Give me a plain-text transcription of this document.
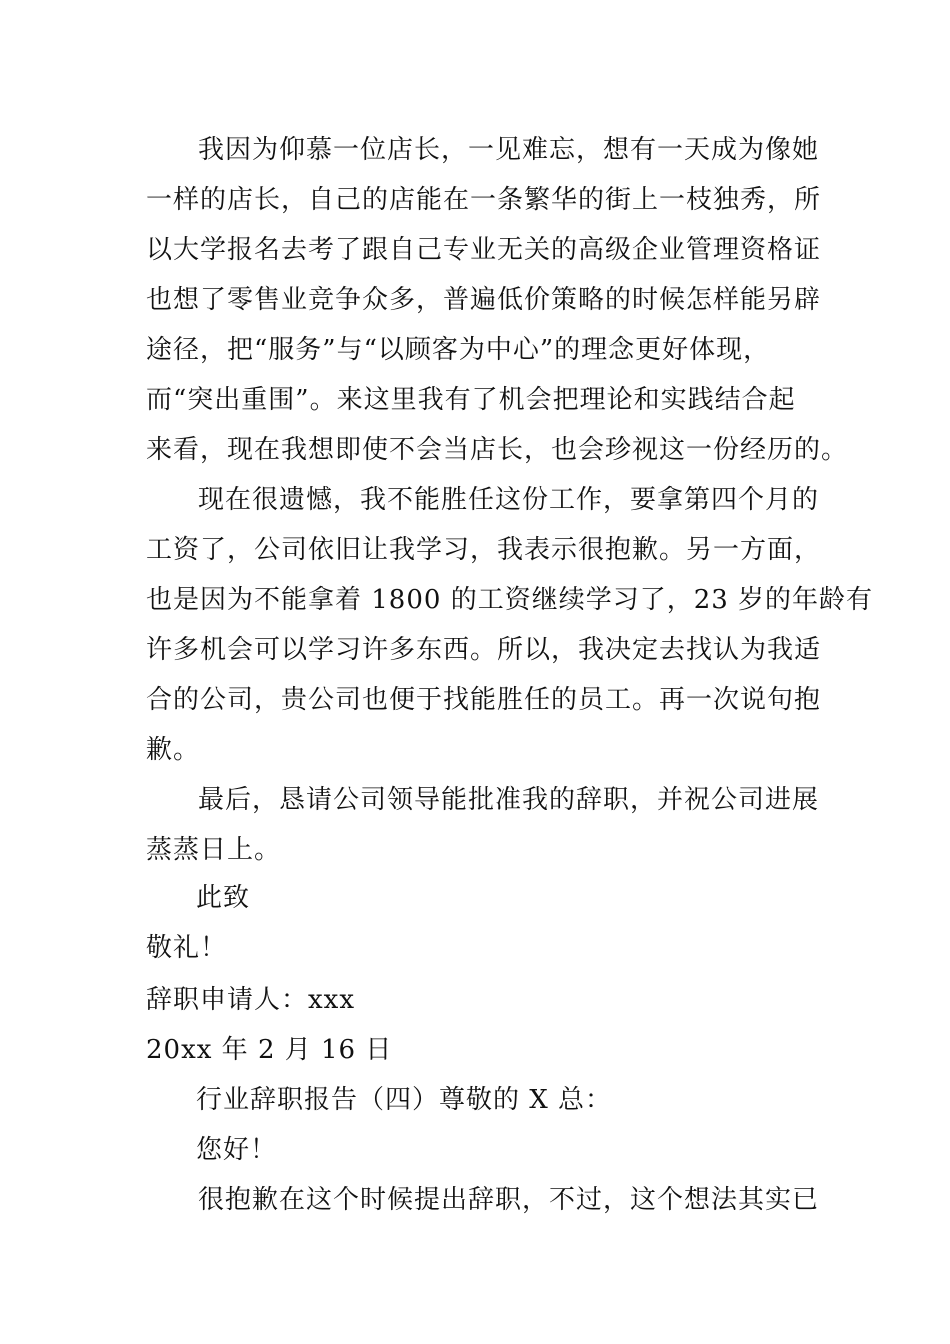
我因为仰慕一位店长，一见难忘，想有一天成为像她
一样的店长，自己的店能在一条繁华的街上一枝独秀，所
以大学报名去考了跟自己专业无关的高级企业管理资格证
也想了零售业竞争众多，普遍低价策略的时候怎样能另辟
途径，把“服务”与“以顾客为中心”的理念更好体现，
而“突出重围”。来这里我有了机会把理论和实践结合起
来看，现在我想即使不会当店长，也会珍视这一份经历的。
现在很遗憾，我不能胜任这份工作，要拿第四个月的
工资了，公司依旧让我学习，我表示很抱歉。另一方面，
也是因为不能拿着 1800 的工资继续学习了，23 岁的年龄有
许多机会可以学习许多东西。所以，我决定去找认为我适
合的公司，贵公司也便于找能胜任的员工。再一次说句抱
歉。
最后，恳请公司领导能批准我的辞职，并祝公司进展
蒸蒸日上。
此致
敬礼！
辞职申请人：xxx
20xx 年 2 月 16 日
行业辞职报告（四）尊敬的 X 总：
您好！
很抱歉在这个时候提出辞职，不过，这个想法其实已
